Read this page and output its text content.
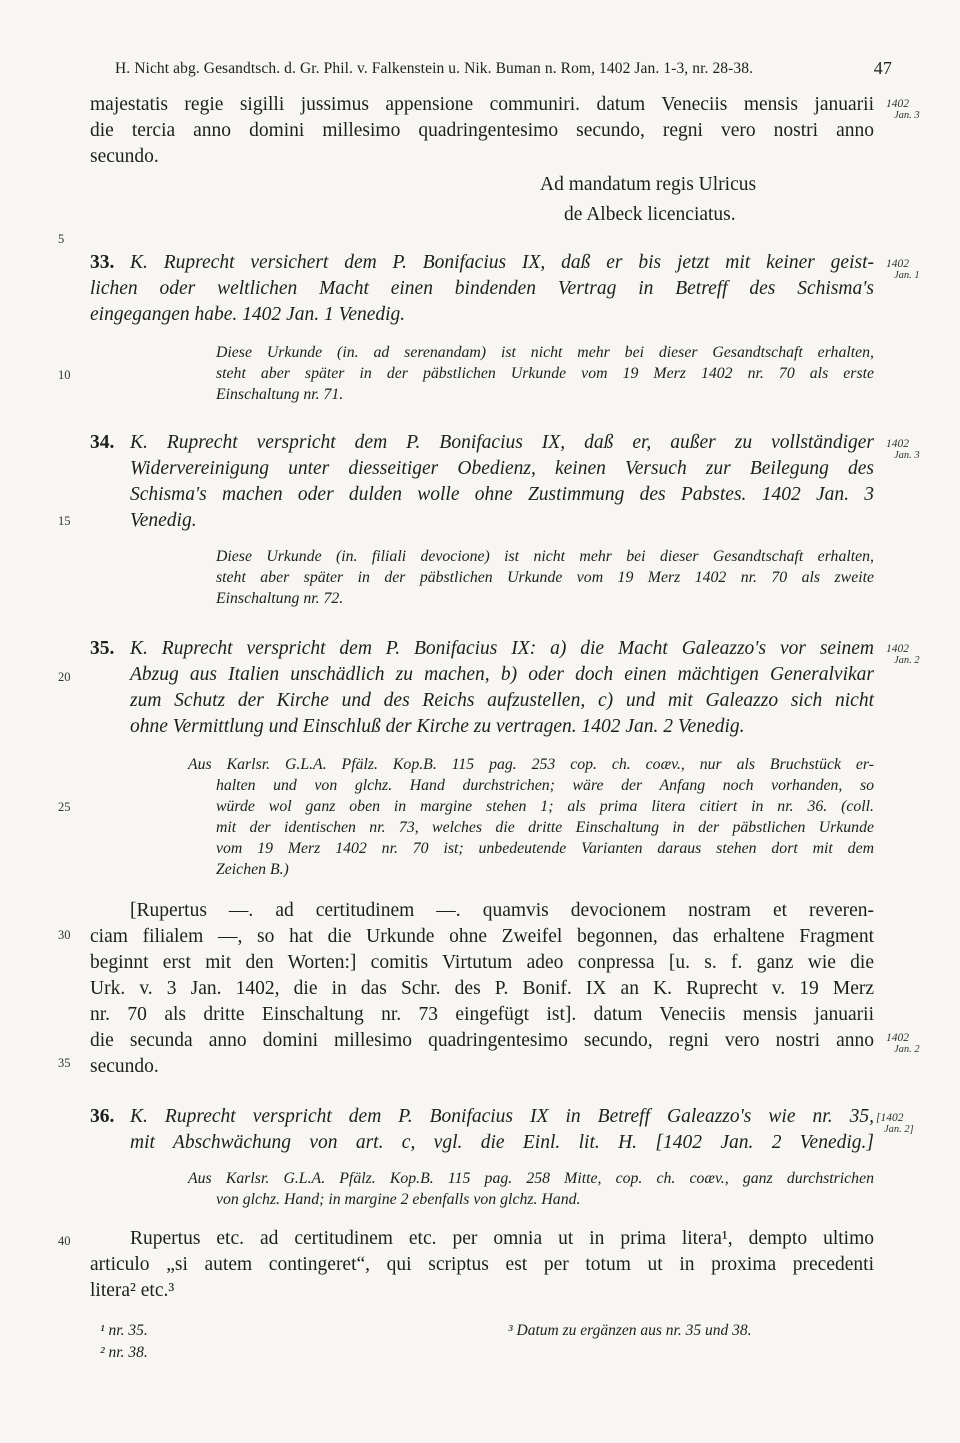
H. Nicht abg. Gesandtsch. d. Gr. Phil. v. Falkenstein u. Nik. Buman n. Rom, 1402 Jan. 1-3, nr. 28-38.	47
5
10
15
20
25
30
35
40
majestatis regie sigilli jussimus appensione communiri. datum Veneciis mensis januarii
die tercia anno domini millesimo quadringentesimo secundo, regni vero nostri anno
secundo.
1402
Jan. 3
Ad mandatum regis Ulricus
de Albeck licenciatus.
33. K. Ruprecht versichert dem P. Bonifacius IX, daß er bis jetzt mit keiner geist-
lichen oder weltlichen Macht einen bindenden Vertrag in Betreff des Schisma's
eingegangen habe. 1402 Jan. 1 Venedig.
1402
Jan. 1
Diese Urkunde (in. ad serenandam) ist nicht mehr bei dieser Gesandtschaft erhalten,
steht aber später in der päbstlichen Urkunde vom 19 Merz 1402 nr. 70 als erste
Einschaltung nr. 71.
34. K. Ruprecht verspricht dem P. Bonifacius IX, daß er, außer zu vollständiger
Widervereinigung unter diesseitiger Obedienz, keinen Versuch zur Beilegung des
Schisma's machen oder dulden wolle ohne Zustimmung des Pabstes. 1402 Jan. 3
Venedig.
1402
Jan. 3
Diese Urkunde (in. filiali devocione) ist nicht mehr bei dieser Gesandtschaft erhalten,
steht aber später in der päbstlichen Urkunde vom 19 Merz 1402 nr. 70 als zweite
Einschaltung nr. 72.
35. K. Ruprecht verspricht dem P. Bonifacius IX: a) die Macht Galeazzo's vor seinem
Abzug aus Italien unschädlich zu machen, b) oder doch einen mächtigen Generalvikar
zum Schutz der Kirche und des Reichs aufzustellen, c) und mit Galeazzo sich nicht
ohne Vermittlung und Einschluß der Kirche zu vertragen. 1402 Jan. 2 Venedig.
1402
Jan. 2
Aus Karlsr. G.L.A. Pfälz. Kop.B. 115 pag. 253 cop. ch. coæv., nur als Bruchstück er-
halten und von glchz. Hand durchstrichen; wäre der Anfang noch vorhanden, so
würde wol ganz oben in margine stehen 1; als prima litera citiert in nr. 36. (coll.
mit der identischen nr. 73, welches die dritte Einschaltung in der päbstlichen Urkunde
vom 19 Merz 1402 nr. 70 ist; unbedeutende Varianten daraus stehen dort mit dem
Zeichen B.)
[Rupertus —. ad certitudinem —. quamvis devocionem nostram et reveren-
ciam filialem —, so hat die Urkunde ohne Zweifel begonnen, das erhaltene Fragment
beginnt erst mit den Worten:] comitis Virtutum adeo conpressa [u. s. f. ganz wie die
Urk. v. 3 Jan. 1402, die in das Schr. des P. Bonif. IX an K. Ruprecht v. 19 Merz
nr. 70 als dritte Einschaltung nr. 73 eingefügt ist]. datum Veneciis mensis januarii
die secunda anno domini millesimo quadringentesimo secundo, regni vero nostri anno
secundo.
1402
Jan. 2
36. K. Ruprecht verspricht dem P. Bonifacius IX in Betreff Galeazzo's wie nr. 35,
mit Abschwächung von art. c, vgl. die Einl. lit. H. [1402 Jan. 2 Venedig.]
[1402
Jan. 2]
Aus Karlsr. G.L.A. Pfälz. Kop.B. 115 pag. 258 Mitte, cop. ch. coæv., ganz durchstrichen
von glchz. Hand; in margine 2 ebenfalls von glchz. Hand.
Rupertus etc. ad certitudinem etc. per omnia ut in prima litera¹, dempto ultimo
articulo „si autem contingeret“, qui scriptus est per totum ut in proxima precedenti
litera² etc.³
¹ nr. 35.
² nr. 38.
³ Datum zu ergänzen aus nr. 35 und 38.
